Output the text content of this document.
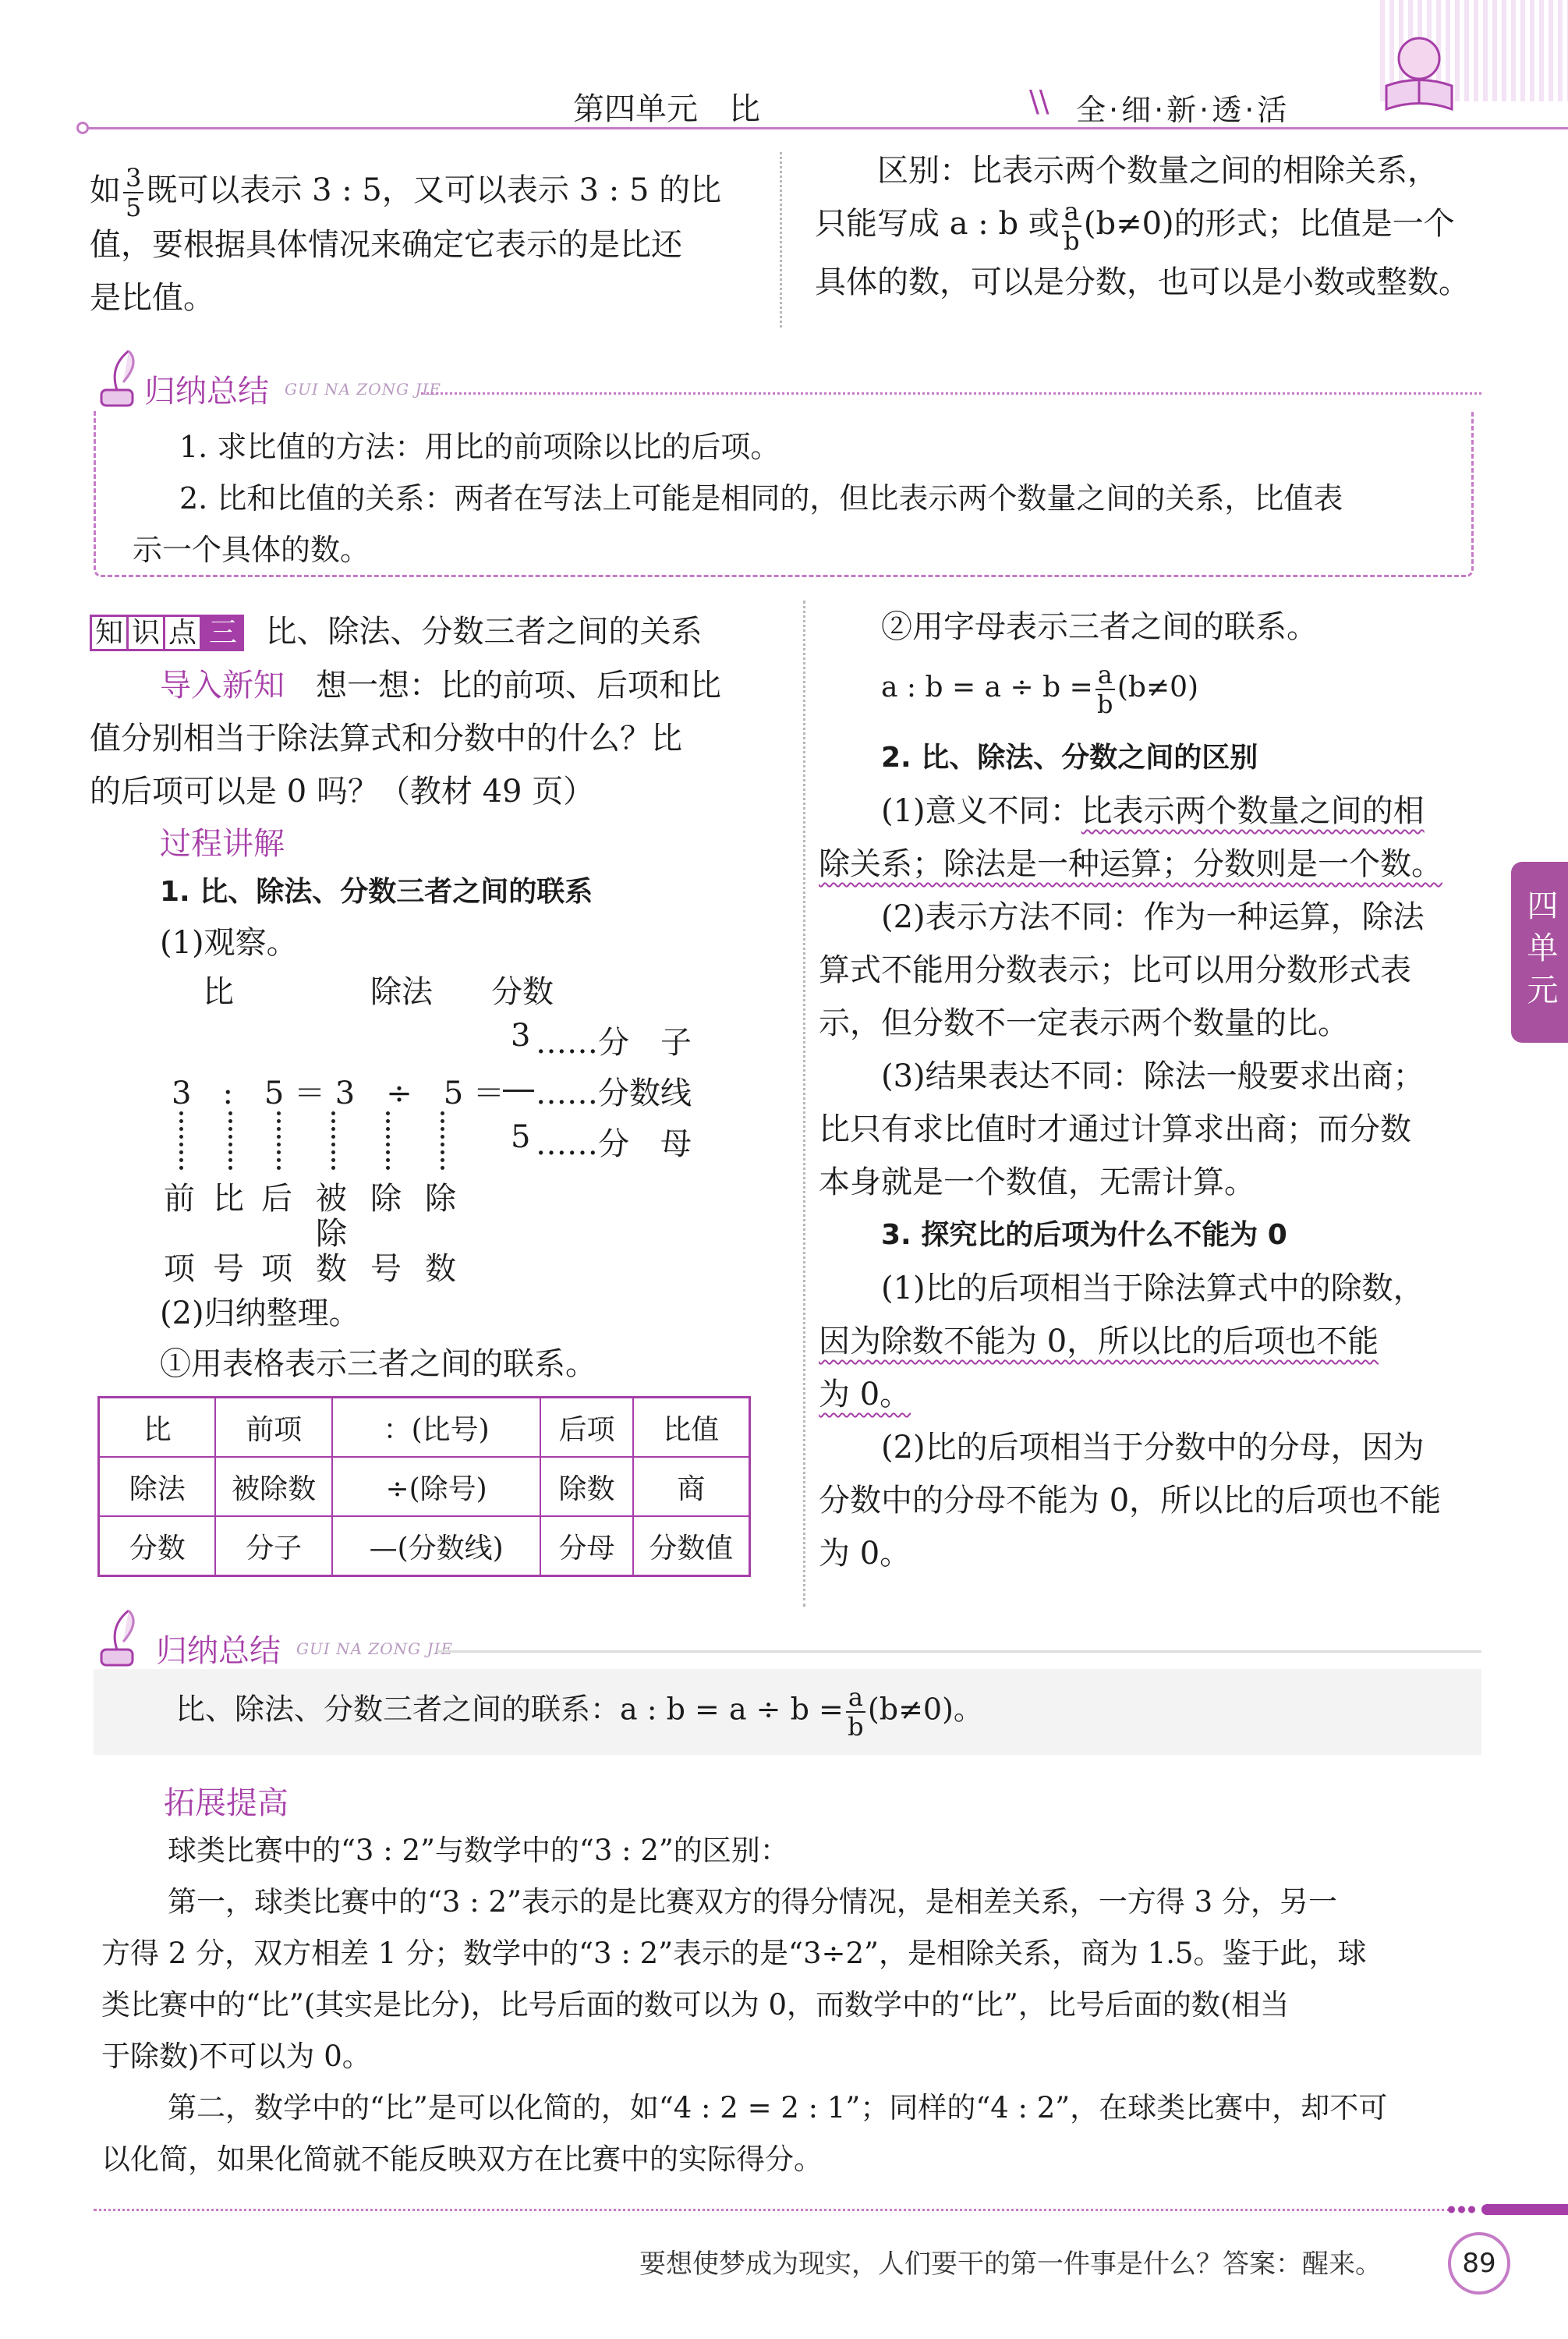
第四单元　比	\\ 全·细·新·透·活
四单元
如 $\frac{3}{5}$ 既可以表示 3 : 5，又可以表示 3 : 5 的比
值，要根据具体情况来确定它表示的是比还
是比值。
区别：比表示两个数量之间的相除关系，
只能写成 a : b 或 $\frac{a}{b} (b\ne 0)$的形式；比值是一个
具体的数，可以是分数，也可以是小数或整数。
归纳总结 GUI NA ZONG JIE
1. 求比值的方法：用比的前项除以比的后项。
2. 比和比值的关系：两者在写法上可能是相同的，但比表示两个数量之间的关系，比值表
示一个具体的数。
知 识 点 三 比、除法、分数三者之间的关系
导入新知 想一想：比的前项、后项和比
值分别相当于除法算式和分数中的什么？比
的后项可以是 0 吗？（教材 49 页）
过程讲解
1. 比、除法、分数三者之间的联系
(1)观察。
比	除法 分数
3 ……分　子
3　:　5 ＝ 3　÷　5 ＝ ……分数线
5 ……分　母
前 比 后 被 除 除
除
项 号 项 数 号 数
(2)归纳整理。
①用表格表示三者之间的联系。
比	前项	：(比号)	后项	比值
除法	被除数	÷(除号)	除数	商
分数	分子	—(分数线)	分母	分数值
②用字母表示三者之间的联系。
a : $b = a \div b = \frac{a}{b} (b\ne 0)$
2. 比、除法、分数之间的区别
(1)意义不同：比表示两个数量之间的相
除关系；除法是一种运算；分数则是一个数。
(2)表示方法不同：作为一种运算，除法
算式不能用分数表示；比可以用分数形式表
示，但分数不一定表示两个数量的比。
(3)结果表达不同：除法一般要求出商；
比只有求比值时才通过计算求出商；而分数
本身就是一个数值，无需计算。
3. 探究比的后项为什么不能为 0
(1)比的后项相当于除法算式中的除数，
因为除数不能为 0，所以比的后项也不能
为 0。
(2)比的后项相当于分数中的分母，因为
分数中的分母不能为 0，所以比的后项也不能
为 0。
归纳总结 GUI NA ZONG JIE
比、除法、分数三者之间的联系：a : $b = a \div b = \frac{a}{b} (b\ne 0)$。
拓展提高
球类比赛中的“3 : 2”与数学中的“3 : 2”的区别：
第一，球类比赛中的“3 : 2”表示的是比赛双方的得分情况，是相差关系，一方得 3 分，另一
方得 2 分，双方相差 1 分；数学中的“3 : 2”表示的是“3÷2”，是相除关系，商为 1.5。鉴于此，球
类比赛中的“比”(其实是比分)，比号后面的数可以为 0，而数学中的“比”，比号后面的数(相当
于除数)不可以为 0。
第二，数学中的“比”是可以化简的，如“4 : 2 = 2 : 1”；同样的“4 : 2”，在球类比赛中，却不可
以化简，如果化简就不能反映双方在比赛中的实际得分。
要想使梦成为现实，人们要干的第一件事是什么？答案：醒来。	89
